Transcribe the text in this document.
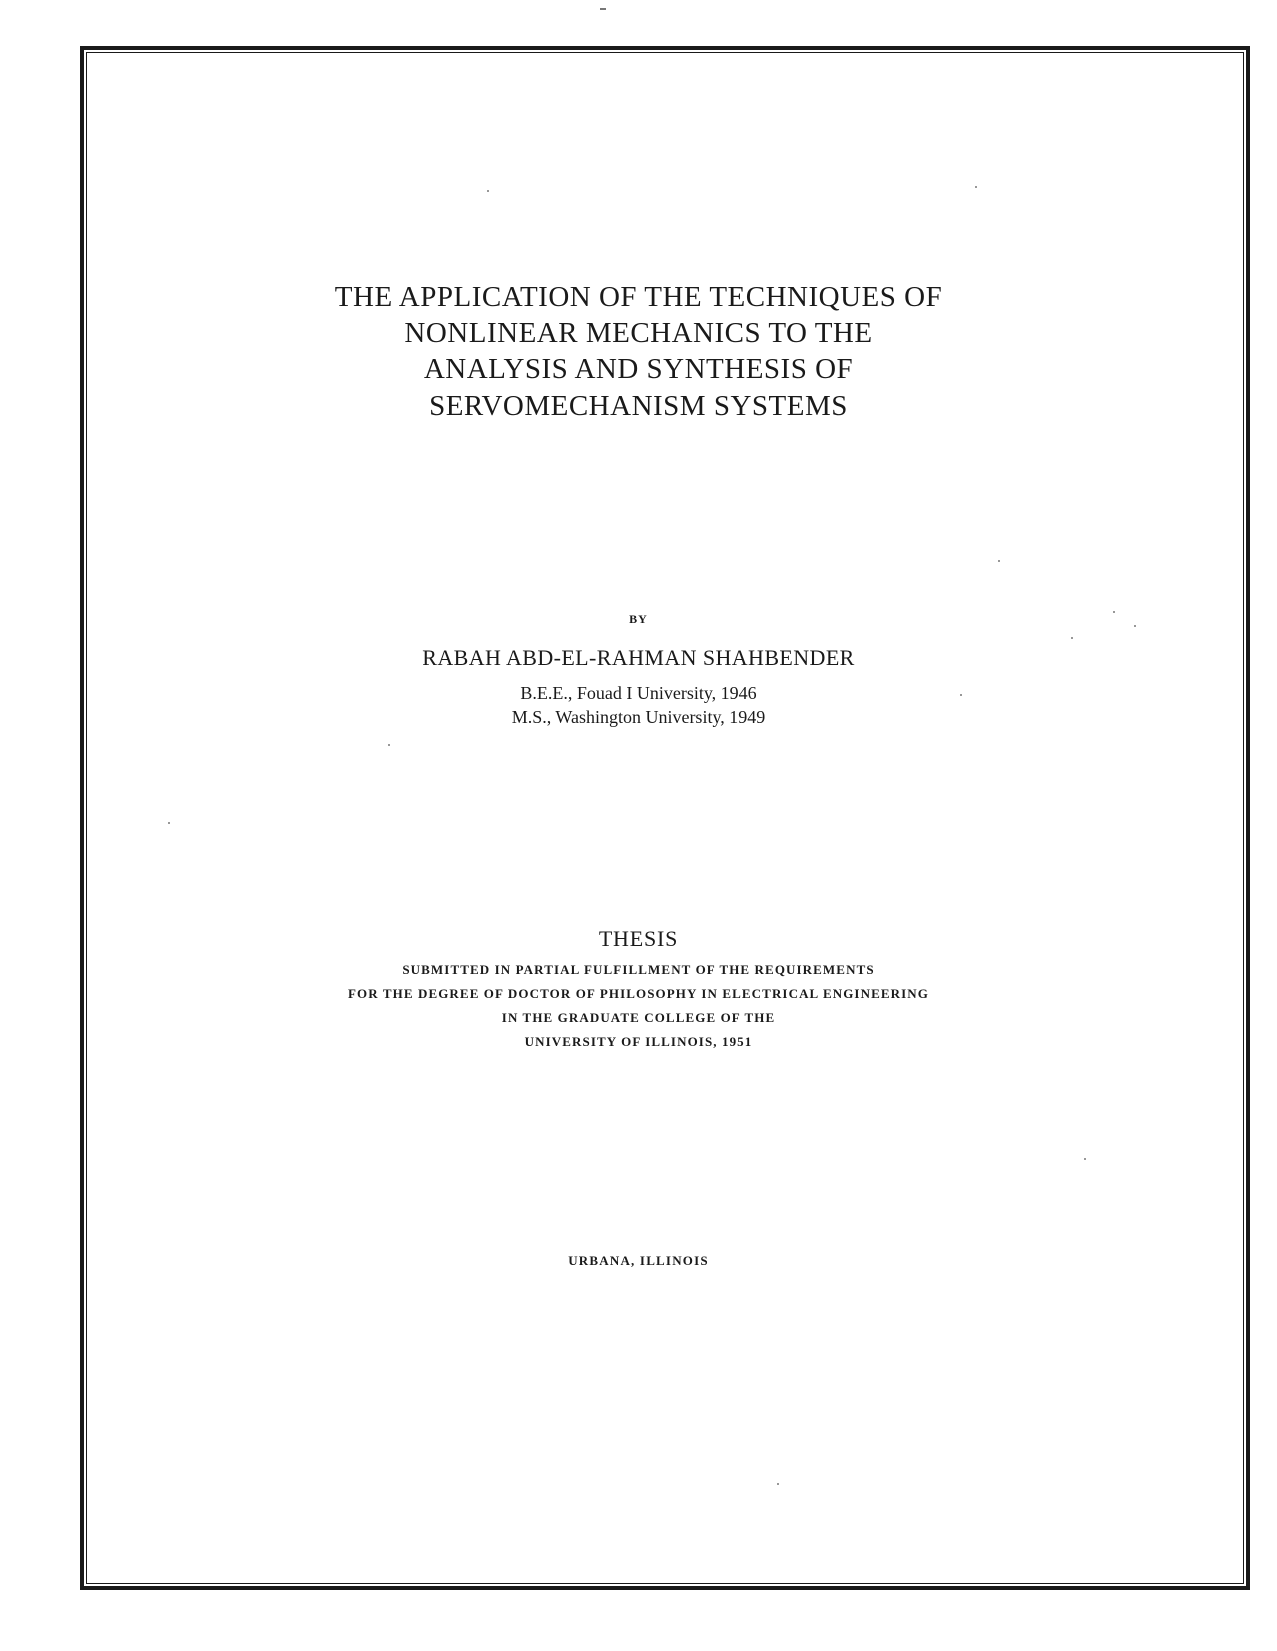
THE APPLICATION OF THE TECHNIQUES OF
NONLINEAR MECHANICS TO THE
ANALYSIS AND SYNTHESIS OF
SERVOMECHANISM SYSTEMS
BY
RABAH ABD-EL-RAHMAN SHAHBENDER
B.E.E., Fouad I University, 1946
M.S., Washington University, 1949
THESIS
SUBMITTED IN PARTIAL FULFILLMENT OF THE REQUIREMENTS
FOR THE DEGREE OF DOCTOR OF PHILOSOPHY IN ELECTRICAL ENGINEERING
IN THE GRADUATE COLLEGE OF THE
UNIVERSITY OF ILLINOIS, 1951
URBANA, ILLINOIS
